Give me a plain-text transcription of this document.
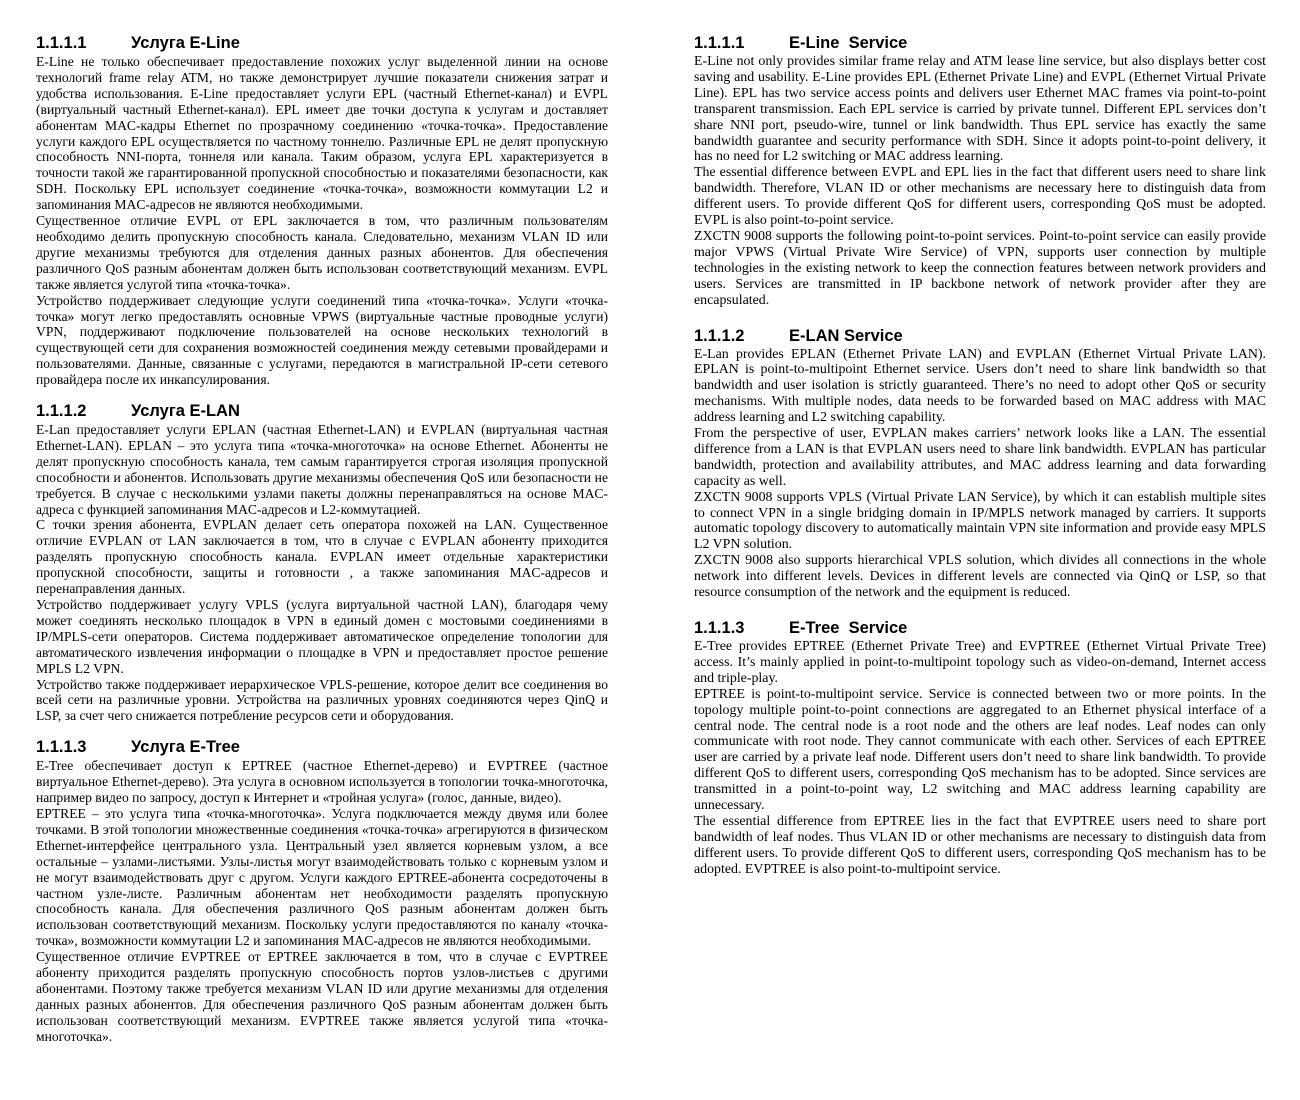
1.1.1.1	Услуга E-Line

E-Line не только обеспечивает предоставление похожих услуг выделенной линии на основе технологий frame relay ATM, но также демонстрирует лучшие показатели снижения затрат и удобства использования. E-Line предоставляет услуги EPL (частный Ethernet-канал) и EVPL (виртуальный частный Ethernet-канал). EPL имеет две точки доступа к услугам и доставляет абонентам MAC-кадры Ethernet по прозрачному соединению «точка-точка». Предоставление услуги каждого EPL осуществляется по частному тоннелю. Различные EPL не делят пропускную способность NNI-порта, тоннеля или канала. Таким образом, услуга EPL характеризуется в точности такой же гарантированной пропускной способностью и показателями безопасности, как SDH. Поскольку EPL использует соединение «точка-точка», возможности коммутации L2 и запоминания MAC-адресов не являются необходимыми.

Существенное отличие EVPL от EPL заключается в том, что различным пользователям необходимо делить пропускную способность канала. Следовательно, механизм VLAN ID или другие механизмы требуются для отделения данных разных абонентов. Для обеспечения различного QoS разным абонентам должен быть использован соответствующий механизм. EVPL также является услугой типа «точка-точка».

Устройство поддерживает следующие услуги соединений типа «точка-точка». Услуги «точка-точка» могут легко предоставлять основные VPWS (виртуальные частные проводные услуги) VPN, поддерживают подключение пользователей на основе нескольких технологий в существующей сети для сохранения возможностей соединения между сетевыми провайдерами и пользователями. Данные, связанные с услугами, передаются в магистральной IP-сети сетевого провайдера после их инкапсулирования.

1.1.1.2	Услуга E-LAN

E-Lan предоставляет услуги EPLAN (частная Ethernet-LAN) и EVPLAN (виртуальная частная Ethernet-LAN). EPLAN – это услуга типа «точка-многоточка» на основе Ethernet. Абоненты не делят пропускную способность канала, тем самым гарантируется строгая изоляция пропускной способности и абонентов. Использовать другие механизмы обеспечения QoS или безопасности не требуется. В случае с несколькими узлами пакеты должны перенаправляться на основе MAC-адреса с функцией запоминания MAC-адресов и L2-коммутацией.

С точки зрения абонента, EVPLAN делает сеть оператора похожей на LAN. Существенное отличие EVPLAN от LAN заключается в том, что в случае с EVPLAN абоненту приходится разделять пропускную способность канала. EVPLAN имеет отдельные характеристики пропускной способности, защиты и готовности , а также запоминания MAC-адресов и перенаправления данных.

Устройство поддерживает услугу VPLS (услуга виртуальной частной LAN), благодаря чему может соединять несколько площадок в VPN в единый домен с мостовыми соединениями в IP/MPLS-сети операторов. Система поддерживает автоматическое определение топологии для автоматического извлечения информации о площадке в VPN и предоставляет простое решение MPLS L2 VPN.

Устройство также поддерживает иерархическое VPLS-решение, которое делит все соединения во всей сети на различные уровни. Устройства на различных уровнях соединяются через QinQ и LSP, за счет чего снижается потребление ресурсов сети и оборудования.

1.1.1.3	Услуга E-Tree

E-Tree обеспечивает доступ к EPTREE (частное Ethernet-дерево) и EVPTREE (частное виртуальное Ethernet-дерево). Эта услуга в основном используется в топологии точка-многоточка, например видео по запросу, доступ к Интернет и «тройная услуга» (голос, данные, видео).

EPTREE – это услуга типа «точка-многоточка». Услуга подключается между двумя или более точками. В этой топологии множественные соединения «точка-точка» агрегируются в физическом Ethernet-интерфейсе центрального узла. Центральный узел является корневым узлом, а все остальные – узлами-листьями. Узлы-листья могут взаимодействовать только с корневым узлом и не могут взаимодействовать друг с другом. Услуги каждого EPTREE-абонента сосредоточены в частном узле-листе. Различным абонентам нет необходимости разделять пропускную способность канала. Для обеспечения различного QoS разным абонентам должен быть использован соответствующий механизм. Поскольку услуги предоставляются по каналу «точка-точка», возможности коммутации L2 и запоминания MAC-адресов не являются необходимыми.

Существенное отличие EVPTREE от EPTREE заключается в том, что в случае с EVPTREE абоненту приходится разделять пропускную способность портов узлов-листьев с другими абонентами. Поэтому также требуется механизм VLAN ID или другие механизмы для отделения данных разных абонентов. Для обеспечения различного QoS разным абонентам должен быть использован соответствующий механизм. EVPTREE также является услугой типа «точка-многоточка».

1.1.1.1	E-Line  Service

E-Line not only provides similar frame relay and ATM lease line service, but also displays better cost saving and usability. E-Line provides EPL (Ethernet Private Line) and EVPL (Ethernet Virtual Private Line). EPL has two service access points and delivers user Ethernet MAC frames via point-to-point transparent transmission. Each EPL service is carried by private tunnel. Different EPL services don’t share NNI port, pseudo-wire, tunnel or link bandwidth. Thus EPL service has exactly the same bandwidth guarantee and security performance with SDH. Since it adopts point-to-point delivery, it has no need for L2 switching or MAC address learning.

The essential difference between EVPL and EPL lies in the fact that different users need to share link bandwidth. Therefore, VLAN ID or other mechanisms are necessary here to distinguish data from different users. To provide different QoS for different users, corresponding QoS must be adopted. EVPL is also point-to-point service.

ZXCTN 9008 supports the following point-to-point services. Point-to-point service can easily provide major VPWS (Virtual Private Wire Service) of VPN, supports user connection by multiple technologies in the existing network to keep the connection features between network providers and users. Services are transmitted in IP backbone network of network provider after they are encapsulated.

1.1.1.2	E-LAN Service

E-Lan provides EPLAN (Ethernet Private LAN) and EVPLAN (Ethernet Virtual Private LAN). EPLAN is point-to-multipoint Ethernet service. Users don’t need to share link bandwidth so that bandwidth and user isolation is strictly guaranteed. There’s no need to adopt other QoS or security mechanisms. With multiple nodes, data needs to be forwarded based on MAC address with MAC address learning and L2 switching capability.

From the perspective of user, EVPLAN makes carriers’ network looks like a LAN. The essential difference from a LAN is that EVPLAN users need to share link bandwidth. EVPLAN has particular bandwidth, protection and availability attributes, and MAC address learning and data forwarding capacity as well.

ZXCTN 9008 supports VPLS (Virtual Private LAN Service), by which it can establish multiple sites to connect VPN in a single bridging domain in IP/MPLS network managed by carriers. It supports automatic topology discovery to automatically maintain VPN site information and provide easy MPLS L2 VPN solution.

ZXCTN 9008 also supports hierarchical VPLS solution, which divides all connections in the whole network into different levels. Devices in different levels are connected via QinQ or LSP, so that resource consumption of the network and the equipment is reduced.

1.1.1.3	E-Tree  Service

E-Tree provides EPTREE (Ethernet Private Tree) and EVPTREE (Ethernet Virtual Private Tree) access. It’s mainly applied in point-to-multipoint topology such as video-on-demand, Internet access and triple-play.

EPTREE is point-to-multipoint service. Service is connected between two or more points. In the topology multiple point-to-point connections are aggregated to an Ethernet physical interface of a central node. The central node is a root node and the others are leaf nodes. Leaf nodes can only communicate with root node. They cannot communicate with each other. Services of each EPTREE user are carried by a private leaf node. Different users don’t need to share link bandwidth. To provide different QoS to different users, corresponding QoS mechanism has to be adopted. Since services are transmitted in a point-to-point way, L2 switching and MAC address learning capability are unnecessary.

The essential difference from EPTREE lies in the fact that EVPTREE users need to share port bandwidth of leaf nodes. Thus VLAN ID or other mechanisms are necessary to distinguish data from different users. To provide different QoS to different users, corresponding QoS mechanism has to be adopted. EVPTREE is also point-to-multipoint service.
